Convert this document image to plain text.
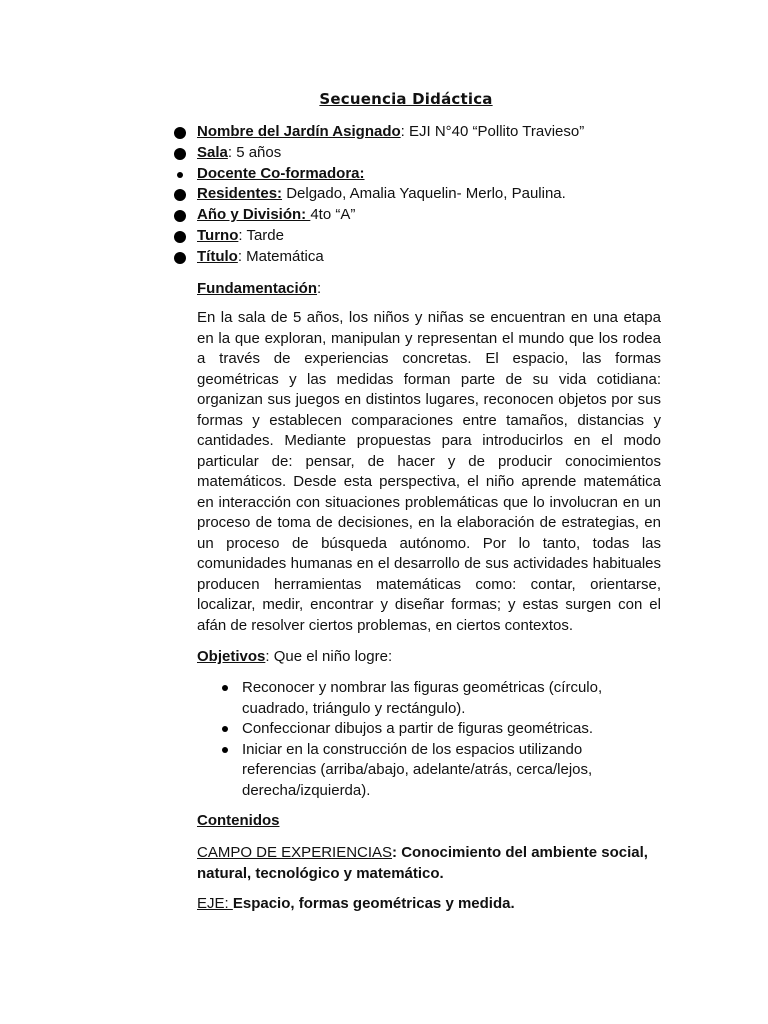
Secuencia Didáctica
Nombre del Jardín Asignado: EJI N°40 “Pollito Travieso”
Sala: 5 años
Docente Co-formadora:
Residentes: Delgado, Amalia Yaquelin- Merlo, Paulina.
Año y División: 4to “A”
Turno: Tarde
Título: Matemática
Fundamentación:

En la sala de 5 años, los niños y niñas se encuentran en una etapa en la que exploran, manipulan y representan el mundo que los rodea a través de experiencias concretas. El espacio, las formas geométricas y las medidas forman parte de su vida cotidiana: organizan sus juegos en distintos lugares, reconocen objetos por sus formas y establecen comparaciones entre tamaños, distancias y cantidades. Mediante propuestas para introducirlos en el modo particular de: pensar, de hacer y de producir conocimientos matemáticos. Desde esta perspectiva, el niño aprende matemática en interacción con situaciones problemáticas que lo involucran en un proceso de toma de decisiones, en la elaboración de estrategias, en un proceso de búsqueda autónomo. Por lo tanto, todas las comunidades humanas en el desarrollo de sus actividades habituales producen herramientas matemáticas como: contar, orientarse, localizar, medir, encontrar y diseñar formas; y estas surgen con el afán de resolver ciertos problemas, en ciertos contextos.

Objetivos: Que el niño logre:
Reconocer y nombrar las figuras geométricas (círculo, cuadrado, triángulo y rectángulo).
Confeccionar dibujos a partir de figuras geométricas.
Iniciar en la construcción de los espacios utilizando referencias (arriba/abajo, adelante/atrás, cerca/lejos, derecha/izquierda).
Contenidos

CAMPO DE EXPERIENCIAS: Conocimiento del ambiente social, natural, tecnológico y matemático.

EJE: Espacio, formas geométricas y medida.
